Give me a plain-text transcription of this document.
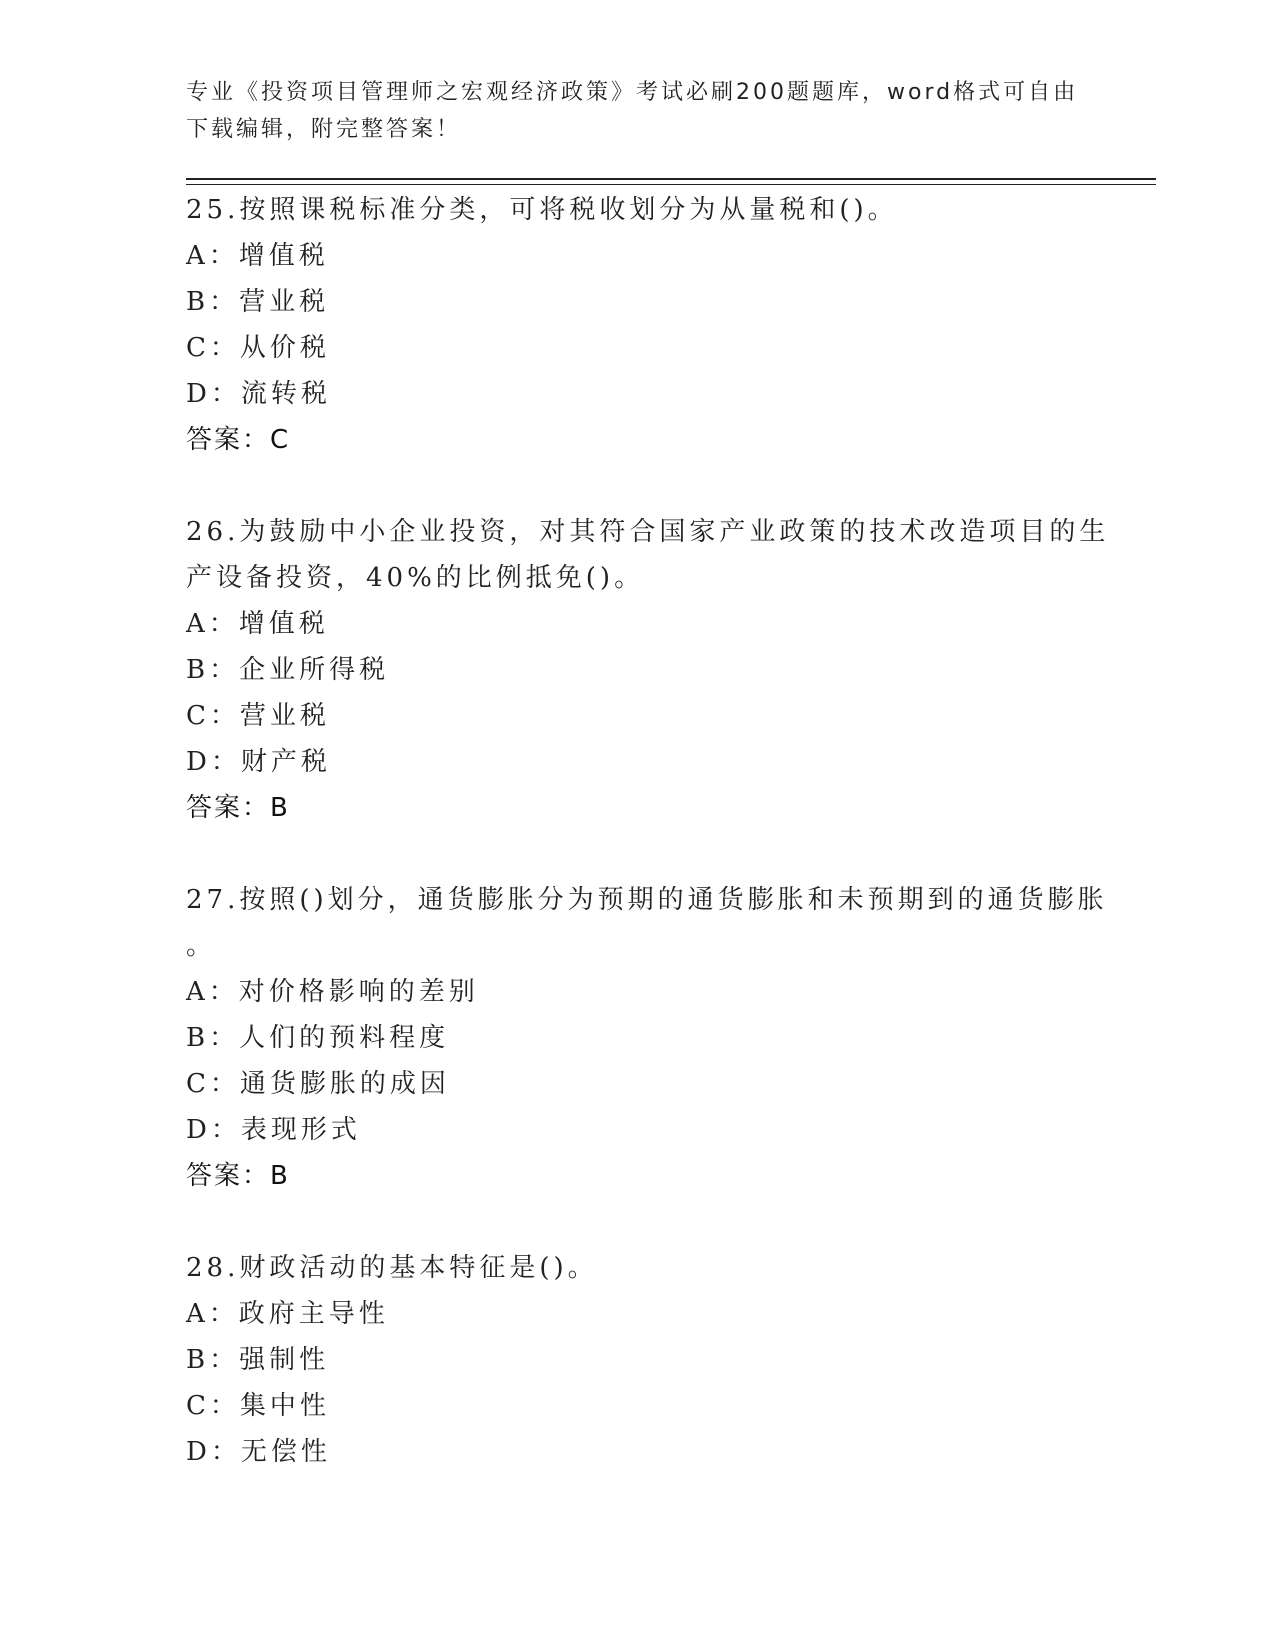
专业《投资项目管理师之宏观经济政策》考试必刷200题题库，word格式可自由
下载编辑，附完整答案！
25.按照课税标准分类，可将税收划分为从量税和()。
A：增值税
B：营业税
C：从价税
D：流转税
答案：C
26.为鼓励中小企业投资，对其符合国家产业政策的技术改造项目的生
产设备投资，40%的比例抵免()。
A：增值税
B：企业所得税
C：营业税
D：财产税
答案：B
27.按照()划分，通货膨胀分为预期的通货膨胀和未预期到的通货膨胀
。
A：对价格影响的差别
B：人们的预料程度
C：通货膨胀的成因
D：表现形式
答案：B
28.财政活动的基本特征是()。
A：政府主导性
B：强制性
C：集中性
D：无偿性
